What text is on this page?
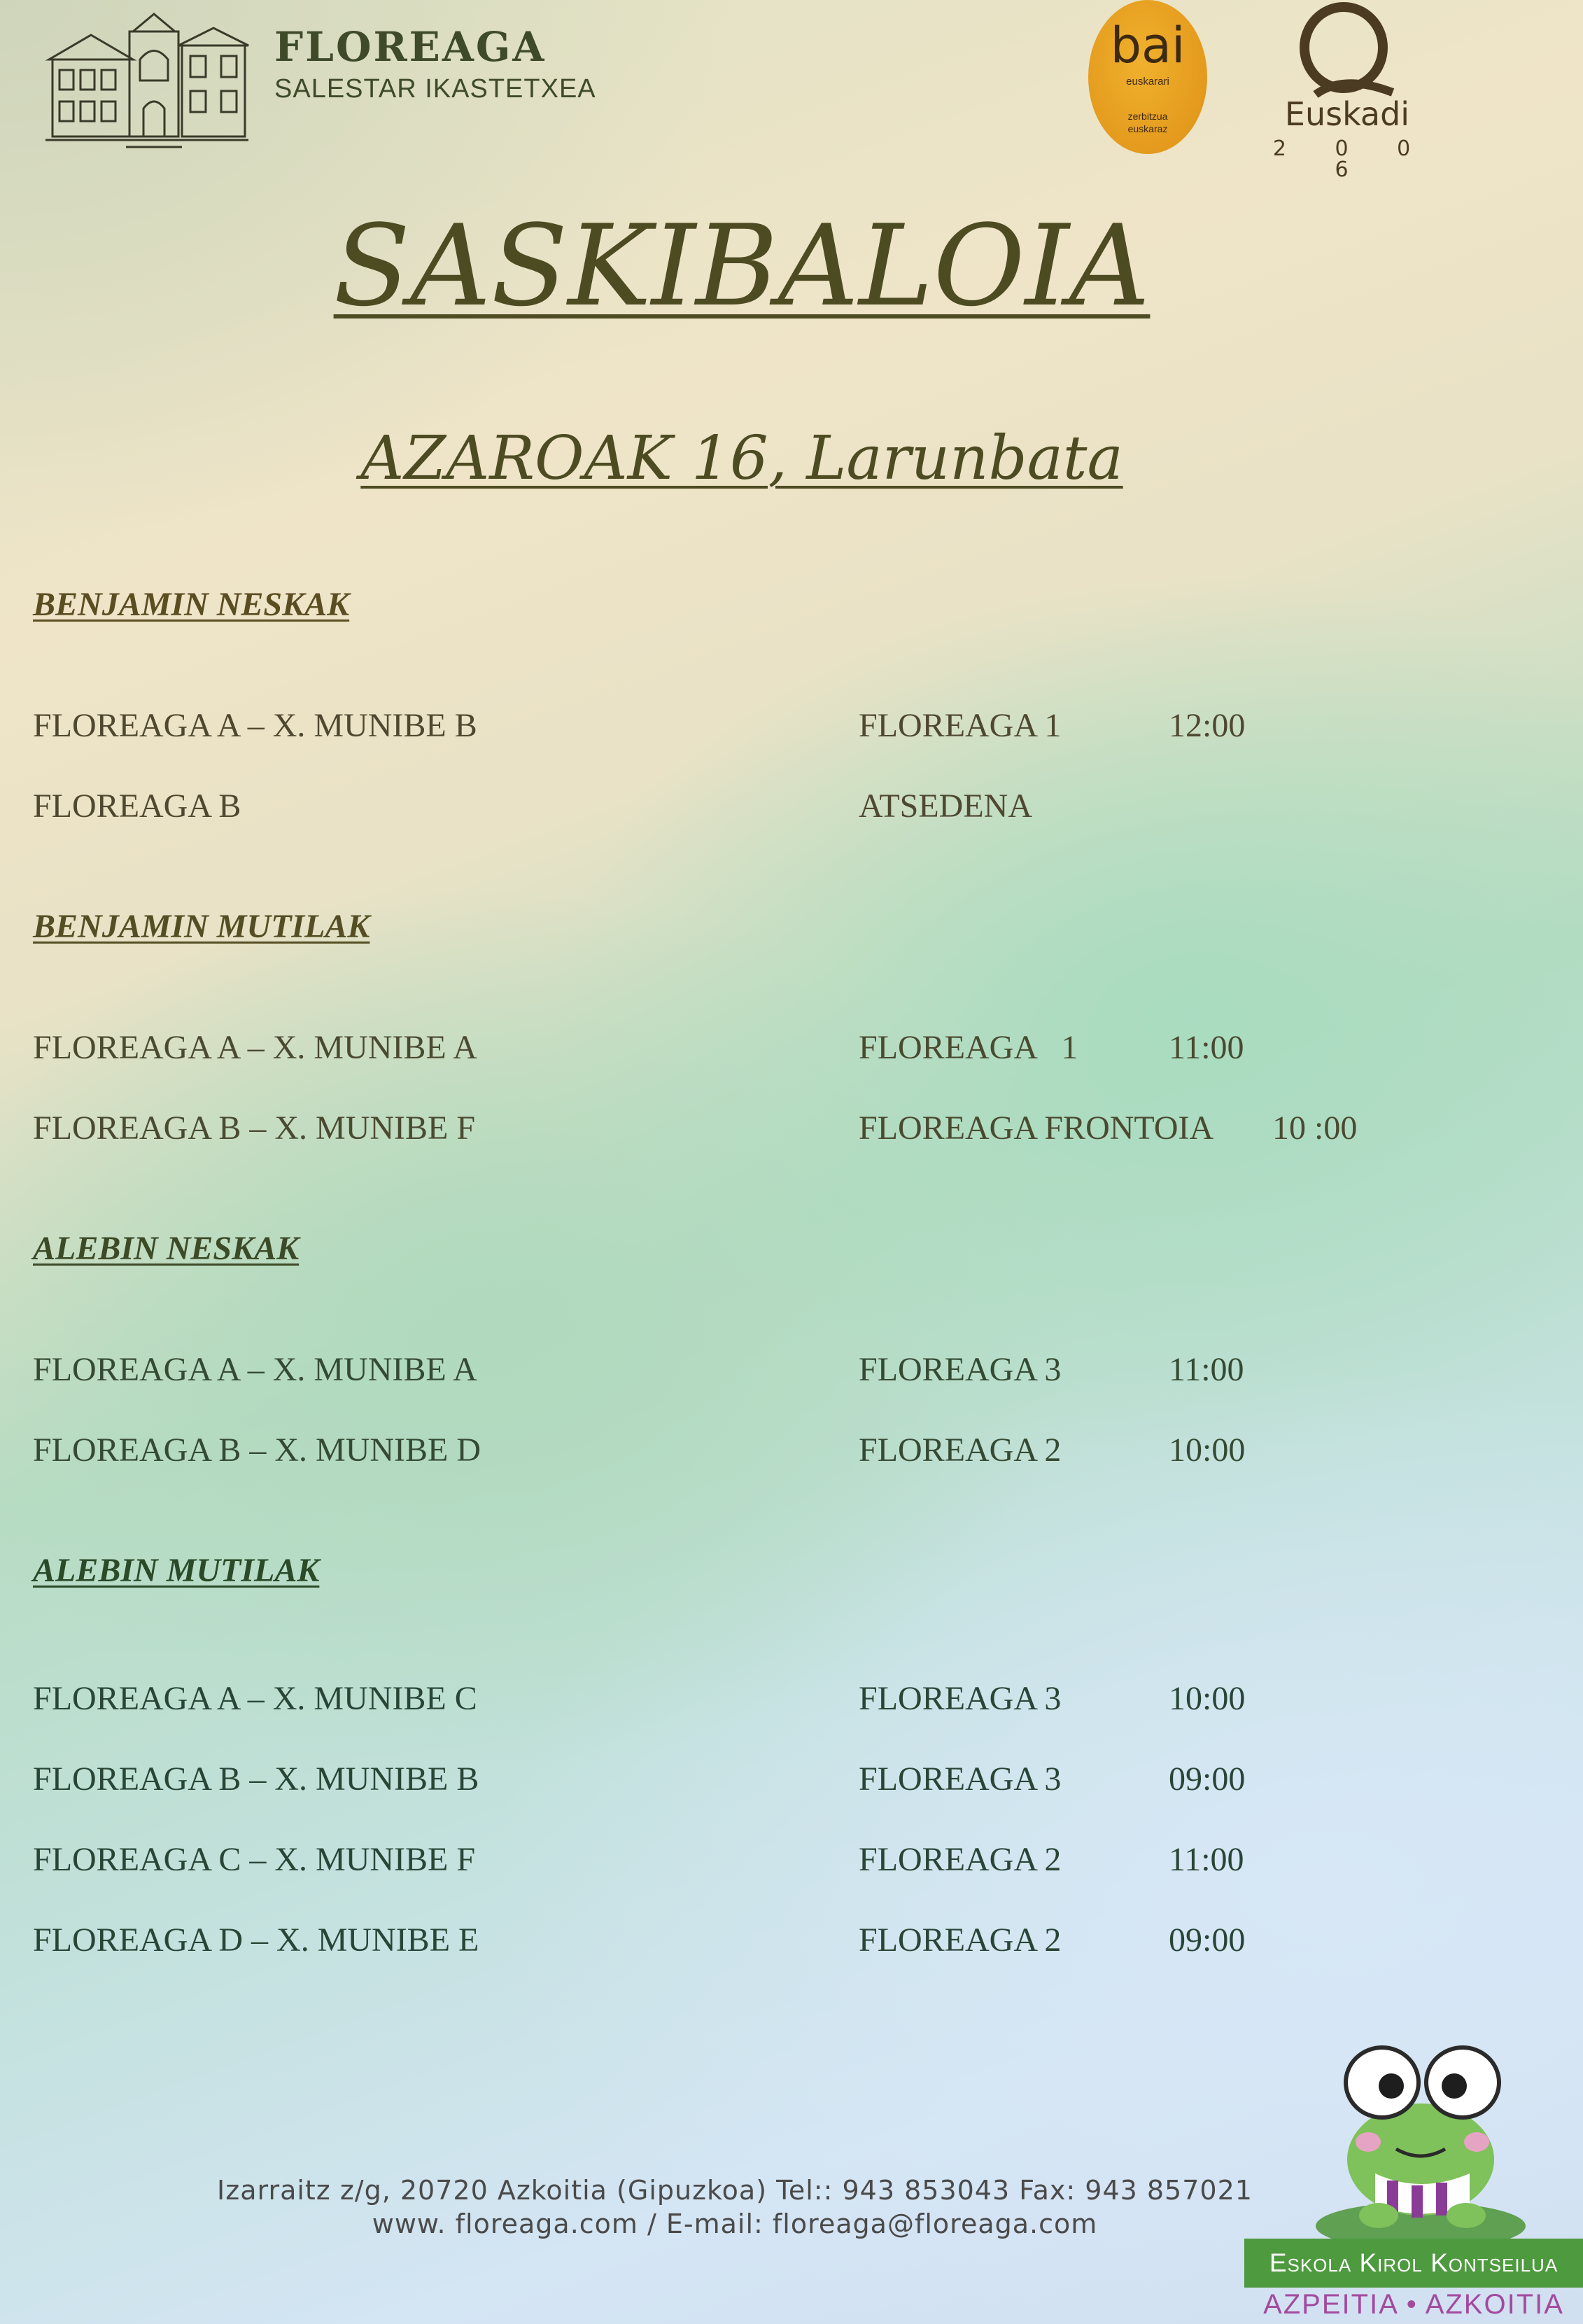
FLOREAGA
SALESTAR IKASTETXEA
bai
euskarari
zerbitzua
euskaraz	Euskadi
2 0 0 6
SASKIBALOIA
AZAROAK 16, Larunbata
BENJAMIN NESKAK
FLOREAGA A – X. MUNIBE B	FLOREAGA 1	12:00
FLOREAGA B	ATSEDENA
BENJAMIN MUTILAK
FLOREAGA A – X. MUNIBE A	FLOREAGA   1	11:00
FLOREAGA B – X. MUNIBE F	FLOREAGA FRONTOIA 10 :00
ALEBIN NESKAK
FLOREAGA A – X. MUNIBE A	FLOREAGA 3	11:00
FLOREAGA B – X. MUNIBE D	FLOREAGA 2	10:00
ALEBIN MUTILAK
FLOREAGA A – X. MUNIBE C	FLOREAGA 3	10:00
FLOREAGA B – X. MUNIBE B	FLOREAGA 3	09:00
FLOREAGA C – X. MUNIBE F	FLOREAGA 2	11:00
FLOREAGA D – X. MUNIBE E	FLOREAGA 2	09:00
Izarraitz z/g, 20720 Azkoitia (Gipuzkoa) Tel:: 943 853043 Fax: 943 857021
www. floreaga.com / E-mail: floreaga@floreaga.com
Eskola Kirol Kontseilua
AZPEITIA • AZKOITIA
